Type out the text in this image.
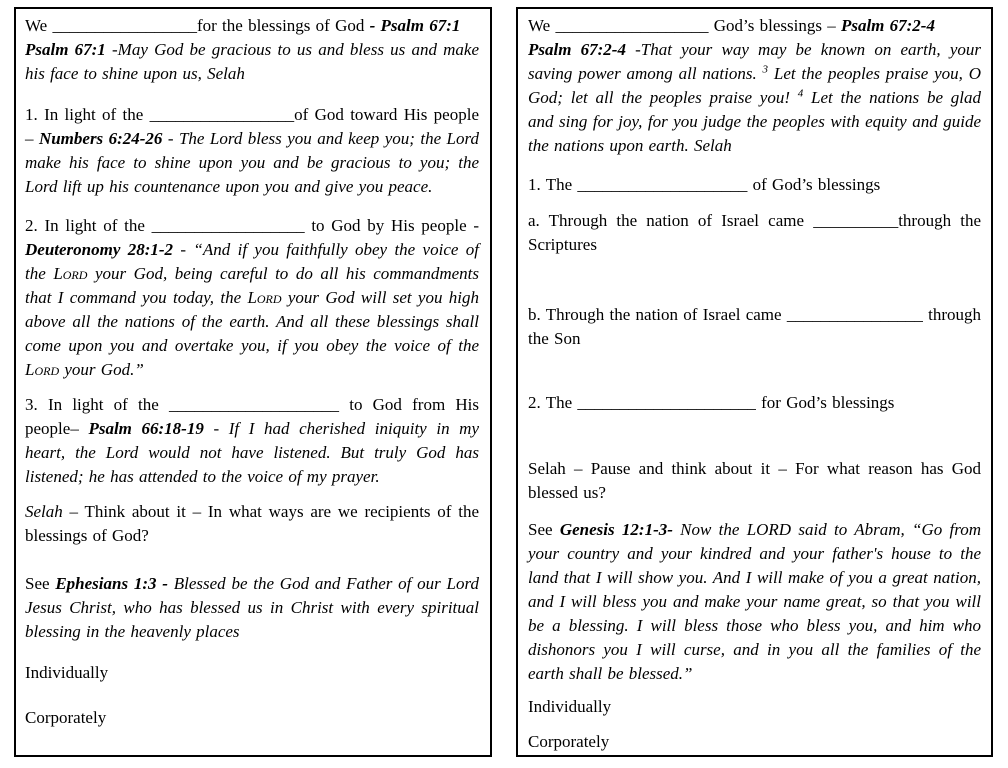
We _________________for the blessings of God - Psalm 67:1

Psalm 67:1 -May God be gracious to us and bless us and make his face to shine upon us, Selah

1. In light of the _________________of God toward His people – Numbers 6:24-26 - The Lord bless you and keep you; the Lord make his face to shine upon you and be gracious to you; the Lord lift up his countenance upon you and give you peace.

2. In light of the __________________ to God by His people - Deuteronomy 28:1-2 - “And if you faithfully obey the voice of the Lord your God, being careful to do all his commandments that I command you today, the Lord your God will set you high above all the nations of the earth. And all these blessings shall come upon you and overtake you, if you obey the voice of the Lord your God.”

3. In light of the ____________________ to God from His people– Psalm 66:18-19 - If I had cherished iniquity in my heart, the Lord would not have listened. But truly God has listened; he has attended to the voice of my prayer.

Selah – Think about it – In what ways are we recipients of the blessings of God?

See Ephesians 1:3 - Blessed be the God and Father of our Lord Jesus Christ, who has blessed us in Christ with every spiritual blessing in the heavenly places

Individually

Corporately

We __________________ God’s blessings – Psalm 67:2-4

Psalm 67:2-4 -That your way may be known on earth, your saving power among all nations. $^3$ Let the peoples praise you, O God; let all the peoples praise you! $^4$ Let the nations be glad and sing for joy, for you judge the peoples with equity and guide the nations upon earth. Selah

1. The ____________________ of God’s blessings

a. Through the nation of Israel came __________through the Scriptures

b. Through the nation of Israel came ________________ through the Son

2. The _____________________ for God’s blessings

Selah – Pause and think about it – For what reason has God blessed us?

See Genesis 12:1-3- Now the LORD said to Abram, “Go from your country and your kindred and your father's house to the land that I will show you. And I will make of you a great nation, and I will bless you and make your name great, so that you will be a blessing. I will bless those who bless you, and him who dishonors you I will curse, and in you all the families of the earth shall be blessed.”

Individually

Corporately
